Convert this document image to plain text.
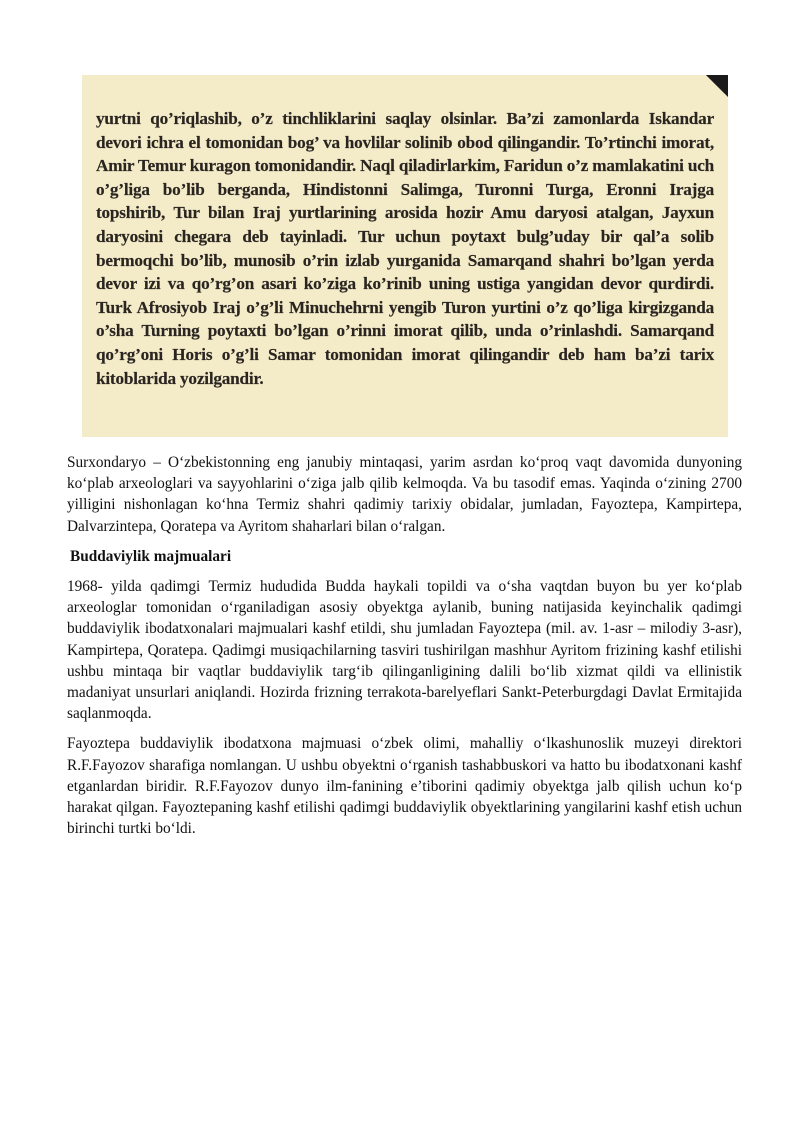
yurtni qo’riqlashib, o’z tinchliklarini saqlay olsinlar. Ba’zi zamonlarda Iskandar devori ichra el tomonidan bog’ va hovlilar solinib obod qilingandir. To’rtinchi imorat, Amir Temur kuragon tomonidandir. Naql qiladirlarkim, Faridun o’z mamlakatini uch o’g’liga bo’lib berganda, Hindistonni Salimga, Turonni Turga, Eronni Irajga topshirib, Tur bilan Iraj yurtlarining arosida hozir Amu daryosi atalgan, Jayxun daryosini chegara deb tayinladi. Tur uchun poytaxt bulg’uday bir qal’a solib bermoqchi bo’lib, munosib o’rin izlab yurganida Samarqand shahri bo’lgan yerda devor izi va qo’rg’on asari ko’ziga ko’rinib uning ustiga yangidan devor qurdirdi. Turk Afrosiyob Iraj o’g’li Minuchehrni yengib Turon yurtini o’z qo’liga kirgizganda o’sha Turning poytaxti bo’lgan o’rinni imorat qilib, unda o’rinlashdi. Samarqand qo’rg’oni Horis o’g’li Samar tomonidan imorat qilingandir deb ham ba’zi tarix kitoblarida yozilgandir.

Surxondaryo – O‘zbekistonning eng janubiy mintaqasi, yarim asrdan ko‘proq vaqt davomida dunyoning ko‘plab arxeologlari va sayyohlarini o‘ziga jalb qilib kelmoqda. Va bu tasodif emas. Yaqinda o‘zining 2700 yilligini nishonlagan ko‘hna Termiz shahri qadimiy tarixiy obidalar, jumladan, Fayoztepa, Kampirtepa, Dalvarzintepa, Qoratepa va Ayritom shaharlari bilan o‘ralgan.

Buddaviylik majmualari

1968- yilda qadimgi Termiz hududida Budda haykali topildi va o‘sha vaqtdan buyon bu yer ko‘plab arxeologlar tomonidan o‘rganiladigan asosiy obyektga aylanib, buning natijasida keyinchalik qadimgi buddaviylik ibodatxonalari majmualari kashf etildi, shu jumladan Fayoztepa (mil. av. 1-asr – milodiy 3-asr), Kampirtepa, Qoratepa. Qadimgi musiqachilarning tasviri tushirilgan mashhur Ayritom frizining kashf etilishi ushbu mintaqa bir vaqtlar buddaviylik targ‘ib qilinganligining dalili bo‘lib xizmat qildi va ellinistik madaniyat unsurlari aniqlandi. Hozirda frizning terrakota-barelyeflari Sankt-Peterburgdagi Davlat Ermitajida saqlanmoqda.

Fayoztepa buddaviylik ibodatxona majmuasi o‘zbek olimi, mahalliy o‘lkashunoslik muzeyi direktori R.F.Fayozov sharafiga nomlangan. U ushbu obyektni o‘rganish tashabbuskori va hatto bu ibodatxonani kashf etganlardan biridir. R.F.Fayozov dunyo ilm-fanining e’tiborini qadimiy obyektga jalb qilish uchun ko‘p harakat qilgan. Fayoztepaning kashf etilishi qadimgi buddaviylik obyektlarining yangilarini kashf etish uchun birinchi turtki bo‘ldi.
